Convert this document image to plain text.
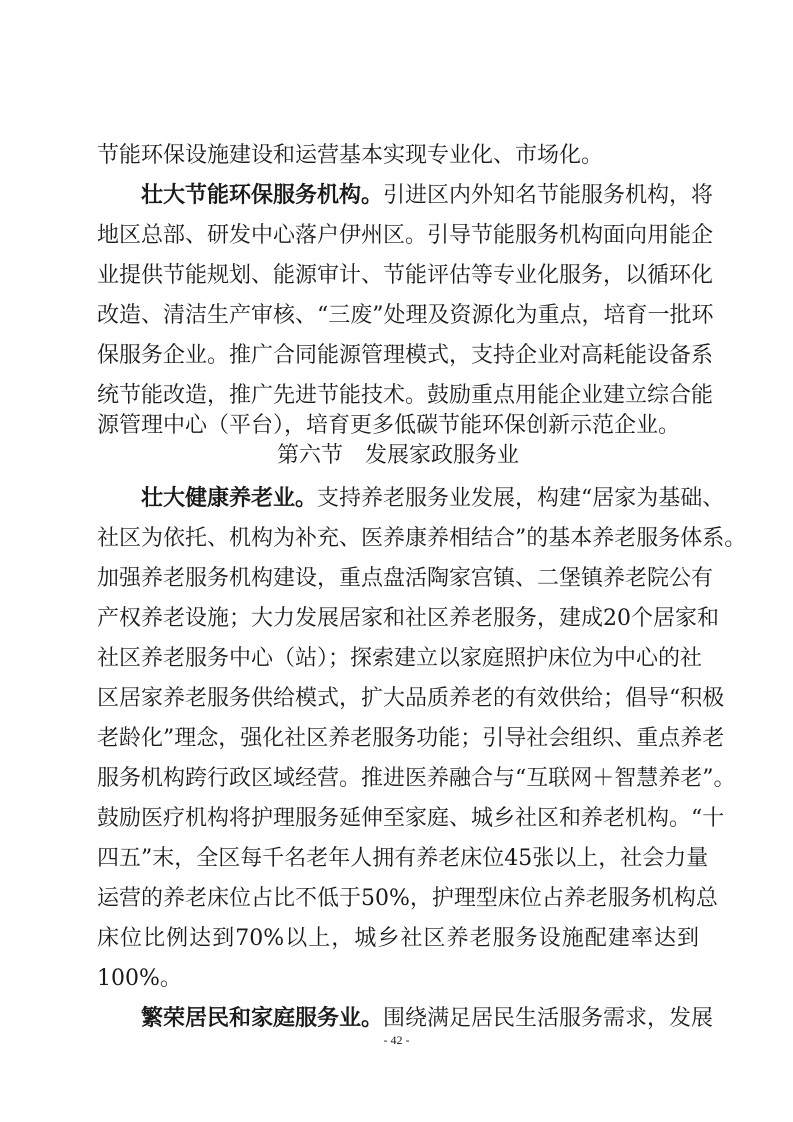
节能环保设施建设和运营基本实现专业化、市场化。
壮大节能环保服务机构。引进区内外知名节能服务机构，将
地区总部、研发中心落户伊州区。引导节能服务机构面向用能企
业提供节能规划、能源审计、节能评估等专业化服务，以循环化
改造、清洁生产审核、“三废”处理及资源化为重点，培育一批环
保服务企业。推广合同能源管理模式，支持企业对高耗能设备系
统节能改造，推广先进节能技术。鼓励重点用能企业建立综合能
源管理中心（平台），培育更多低碳节能环保创新示范企业。
第六节　发展家政服务业
壮大健康养老业。支持养老服务业发展，构建“居家为基础、
社区为依托、机构为补充、医养康养相结合”的基本养老服务体系。
加强养老服务机构建设，重点盘活陶家宫镇、二堡镇养老院公有
产权养老设施；大力发展居家和社区养老服务，建成20个居家和
社区养老服务中心（站）；探索建立以家庭照护床位为中心的社
区居家养老服务供给模式，扩大品质养老的有效供给；倡导“积极
老龄化”理念，强化社区养老服务功能；引导社会组织、重点养老
服务机构跨行政区域经营。推进医养融合与“互联网＋智慧养老”。
鼓励医疗机构将护理服务延伸至家庭、城乡社区和养老机构。“十
四五”末，全区每千名老年人拥有养老床位45张以上，社会力量
运营的养老床位占比不低于50%，护理型床位占养老服务机构总
床位比例达到70%以上，城乡社区养老服务设施配建率达到
100%。
繁荣居民和家庭服务业。围绕满足居民生活服务需求，发展
- 42 -
